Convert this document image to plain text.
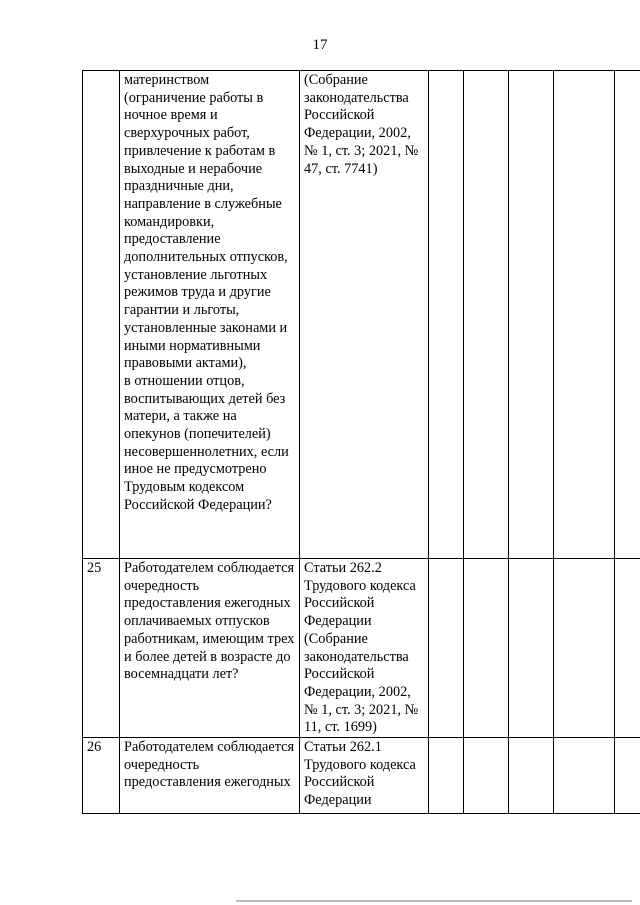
17
	материнством
(ограничение работы в ночное время и сверхурочных работ, привлечение к работам в выходные и нерабочие праздничные дни, направление в служебные командировки, предоставление дополнительных отпусков, установление льготных режимов труда и другие гарантии и льготы, установленные законами и иными нормативными правовыми актами),
в отношении отцов, воспитывающих детей без матери, а также на опекунов (попечителей) несовершеннолетних, если иное не предусмотрено Трудовым кодексом Российской Федерации?	(Собрание законодательства Российской Федерации, 2002, № 1, ст. 3; 2021, № 47, ст. 7741)					
25	Работодателем соблюдается очередность предоставления ежегодных оплачиваемых отпусков работникам, имеющим трех и более детей в возрасте до восемнадцати лет?	Статьи 262.2 Трудового кодекса Российской Федерации (Собрание законодательства Российской Федерации, 2002, № 1, ст. 3; 2021, № 11, ст. 1699)					
26	Работодателем соблюдается очередность предоставления ежегодных	Статьи 262.1 Трудового кодекса Российской Федерации					
